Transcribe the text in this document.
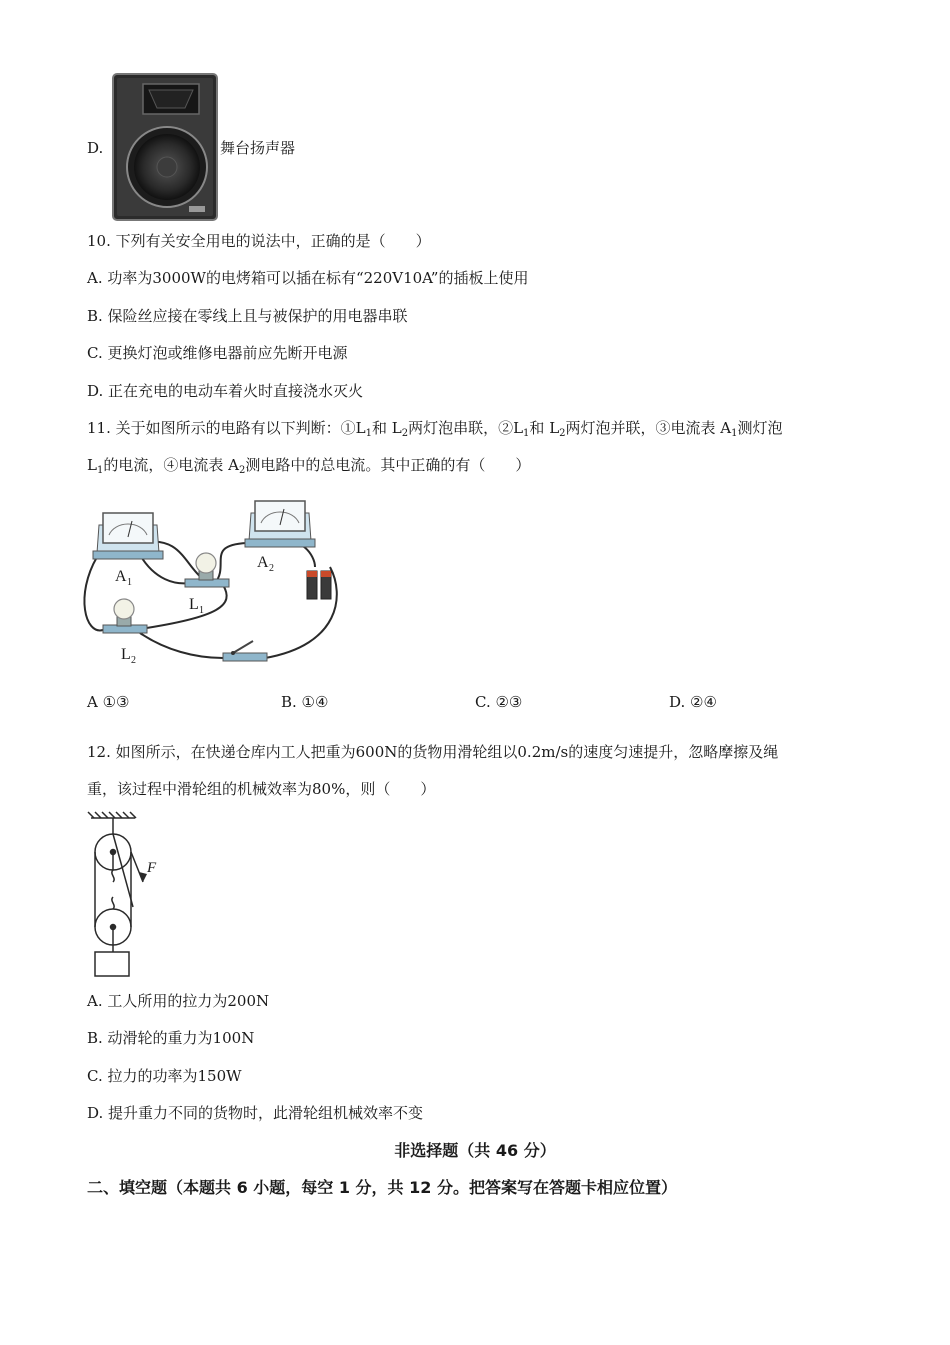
D.	舞台扬声器
10. 下列有关安全用电的说法中，正确的是（　　）
A. 功率为3000W的电烤箱可以插在标有“220V10A”的插板上使用
B. 保险丝应接在零线上且与被保护的用电器串联
C. 更换灯泡或维修电器前应先断开电源
D. 正在充电的电动车着火时直接浇水灭火
11. 关于如图所示的电路有以下判断：$①L_1$和 $L_2$两灯泡串联，$②L_1$和 $L_2$两灯泡并联，③电流表 $A_1$测灯泡
$L_1$的电流，④电流表 $A_2$测电路中的总电流。其中正确的有（　　）
A 1
A 2
L 1
L 2
A ①③	B. ①④	C. ②③	D. ②④
12. 如图所示，在快递仓库内工人把重为600N的货物用滑轮组以0.2m/s的速度匀速提升，忽略摩擦及绳
重，该过程中滑轮组的机械效率为80%，则（　　）
F
A. 工人所用的拉力为200N
B. 动滑轮的重力为100N
C. 拉力的功率为150W
D. 提升重力不同的货物时，此滑轮组机械效率不变
非选择题（共 46 分）
二、填空题（本题共 6 小题，每空 1 分，共 12 分。把答案写在答题卡相应位置）
